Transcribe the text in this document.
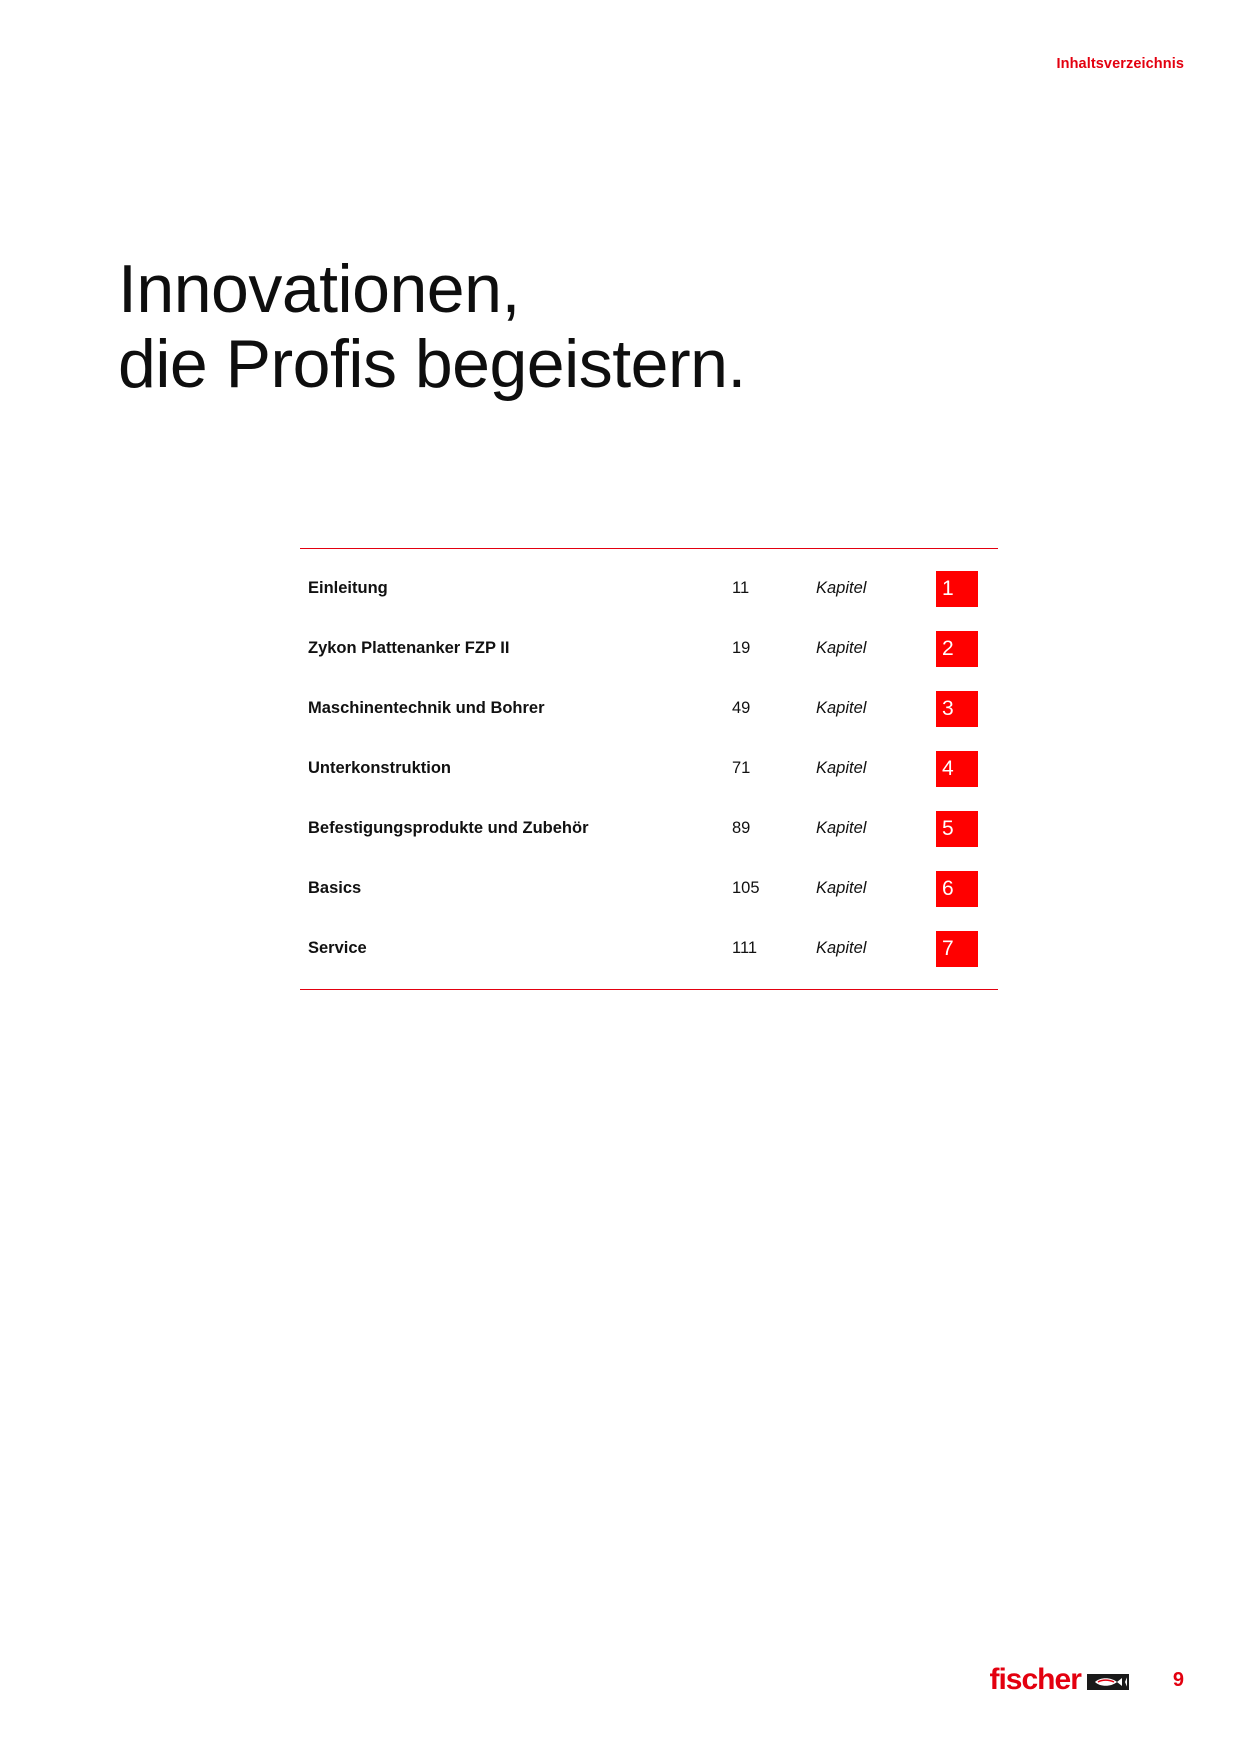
Inhaltsverzeichnis
Innovationen,
die Profis begeistern.
Einleitung	11	Kapitel	1
Zykon Plattenanker FZP II	19	Kapitel	2
Maschinentechnik und Bohrer	49	Kapitel	3
Unterkonstruktion	71	Kapitel	4
Befestigungsprodukte und Zubehör	89	Kapitel	5
Basics	105	Kapitel	6
Service	111	Kapitel	7
fischer	9
